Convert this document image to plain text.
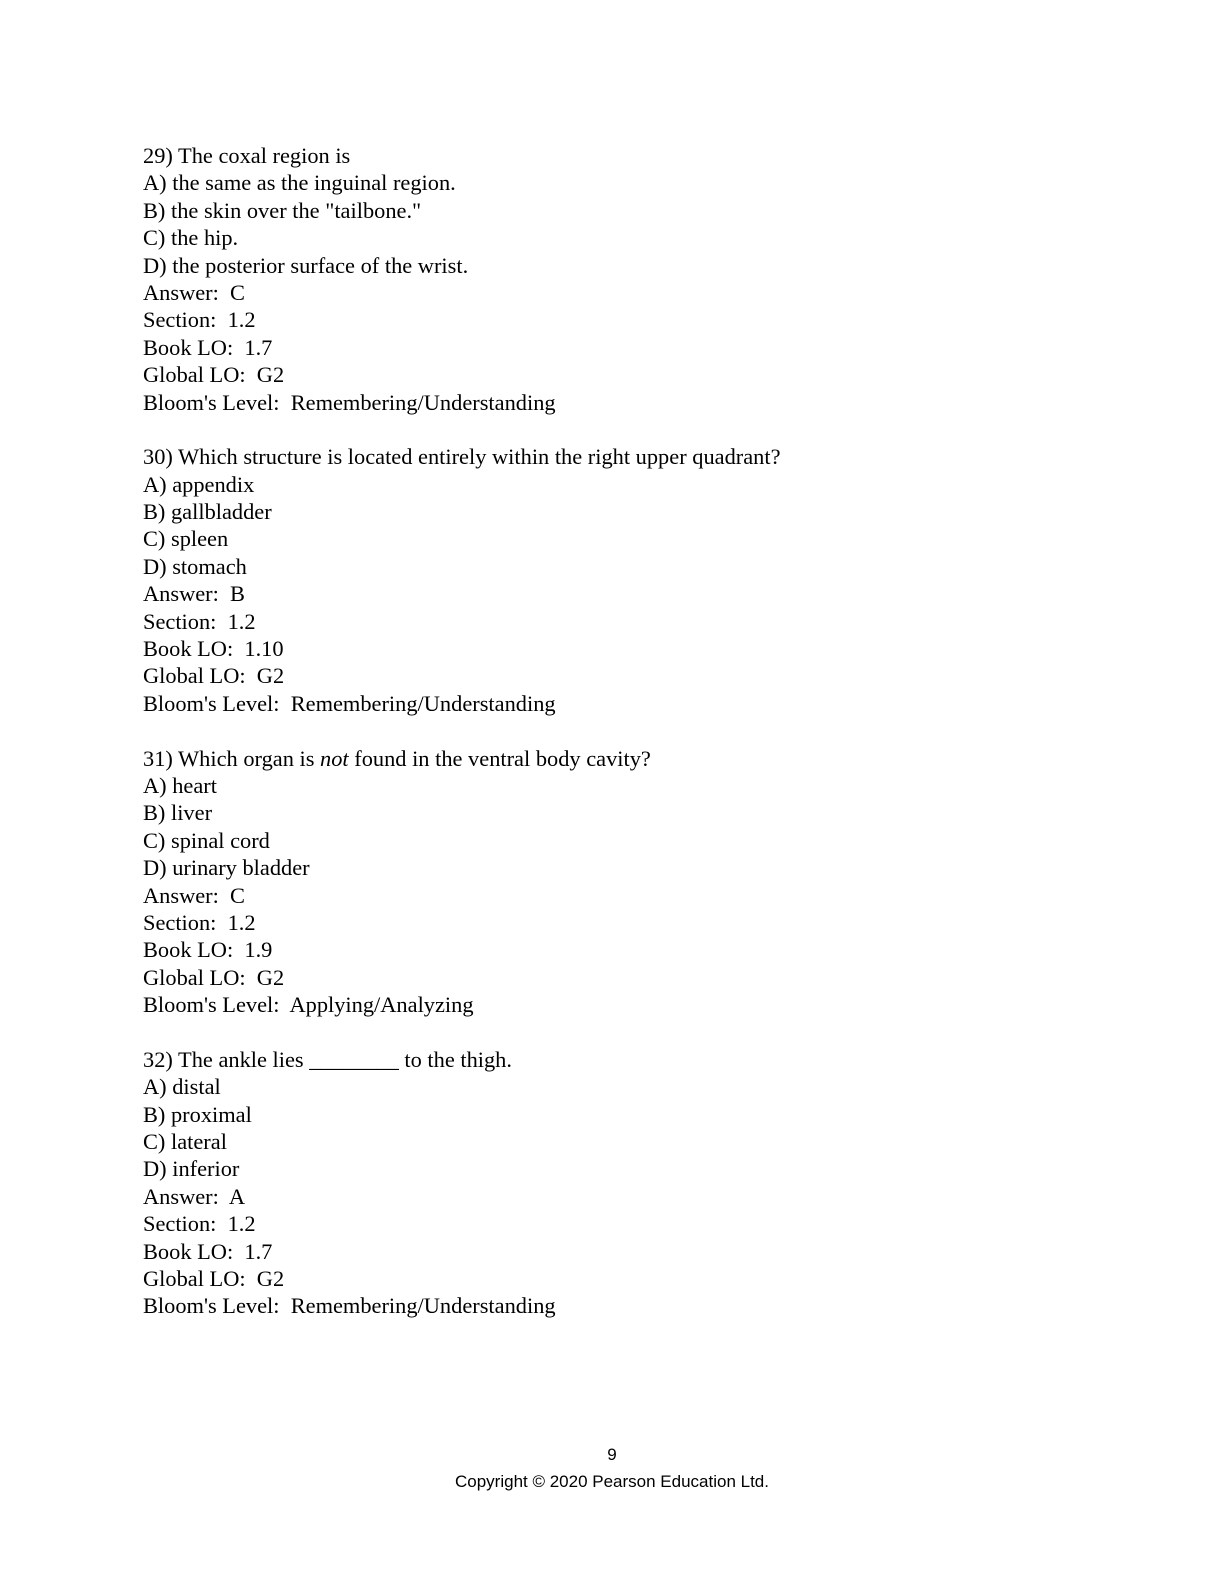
29) The coxal region is
A) the same as the inguinal region.
B) the skin over the "tailbone."
C) the hip.
D) the posterior surface of the wrist.
Answer:  C
Section:  1.2
Book LO:  1.7
Global LO:  G2
Bloom's Level:  Remembering/Understanding
30) Which structure is located entirely within the right upper quadrant?
A) appendix
B) gallbladder
C) spleen
D) stomach
Answer:  B
Section:  1.2
Book LO:  1.10
Global LO:  G2
Bloom's Level:  Remembering/Understanding
31) Which organ is not found in the ventral body cavity?
A) heart
B) liver
C) spinal cord
D) urinary bladder
Answer:  C
Section:  1.2
Book LO:  1.9
Global LO:  G2
Bloom's Level:  Applying/Analyzing
32) The ankle lies ________ to the thigh.
A) distal
B) proximal
C) lateral
D) inferior
Answer:  A
Section:  1.2
Book LO:  1.7
Global LO:  G2
Bloom's Level:  Remembering/Understanding
9
Copyright © 2020 Pearson Education Ltd.
